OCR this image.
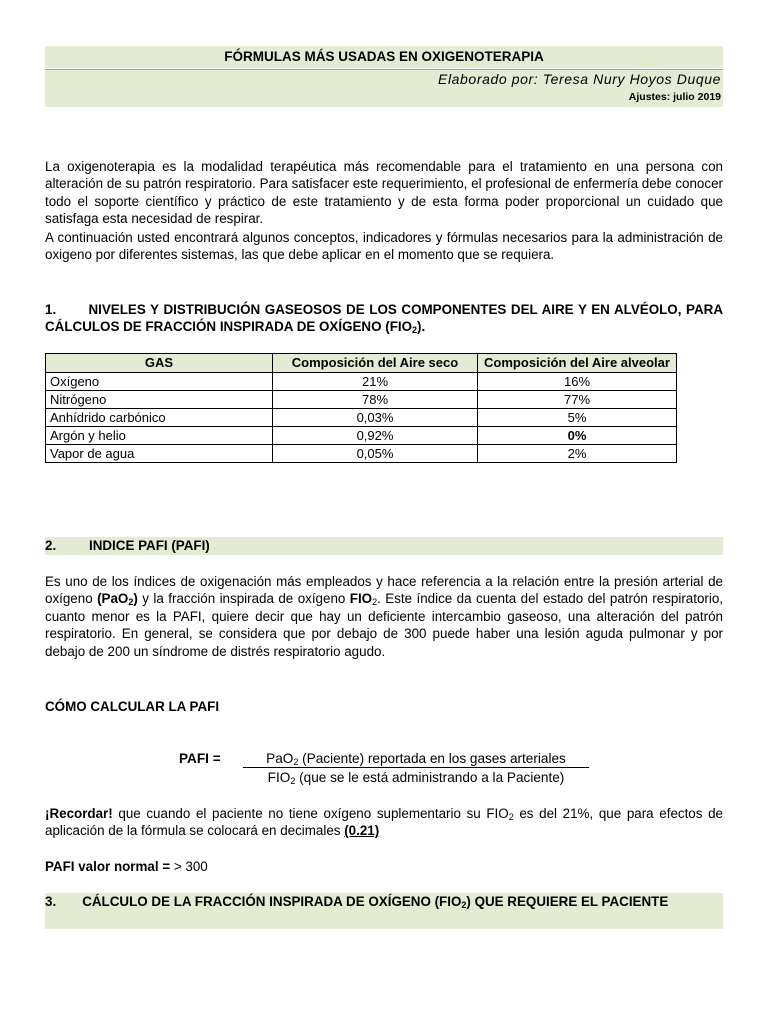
FÓRMULAS MÁS USADAS EN OXIGENOTERAPIA
Elaborado por: Teresa Nury Hoyos Duque
Ajustes: julio 2019
La oxigenoterapia es la modalidad terapéutica más recomendable para el tratamiento en una persona con alteración de su patrón respiratorio. Para satisfacer este requerimiento, el profesional de enfermería debe conocer todo el soporte científico y práctico de este tratamiento y de esta forma poder proporcional un cuidado que satisfaga esta necesidad de respirar.
A continuación usted encontrará algunos conceptos, indicadores y fórmulas necesarios para la administración de oxigeno por diferentes sistemas, las que debe aplicar en el momento que se requiera.
1. NIVELES Y DISTRIBUCIÓN GASEOSOS DE LOS COMPONENTES DEL AIRE Y EN ALVÉOLO, PARA CÁLCULOS DE FRACCIÓN INSPIRADA DE OXÍGENO $(FIO_2)$.
GAS	Composición del Aire seco	Composición del Aire alveolar
Oxígeno	21%	16%
Nitrógeno	78%	77%
Anhídrido carbónico	0,03%	5%
Argón y helio	0,92%	0%
Vapor de agua	0,05%	2%
2. INDICE PAFI (PAFI)
Es uno de los índices de oxigenación más empleados y hace referencia a la relación entre la presión arterial de oxígeno (PaO$_2$) y la fracción inspirada de oxígeno $FIO_2$. Este índice da cuenta del estado del patrón respiratorio, cuanto menor es la PAFI, quiere decir que hay un deficiente intercambio gaseoso, una alteración del patrón respiratorio. En general, se considera que por debajo de 300 puede haber una lesión aguda pulmonar y por debajo de 200 un síndrome de distrés respiratorio agudo.
CÓMO CALCULAR LA PAFI
PAFI =	PaO$_2$ (Paciente) reportada en los gases arteriales
$FIO_2$ (que se le está administrando a la Paciente)
¡Recordar! que cuando el paciente no tiene oxígeno suplementario su $FIO_2$ es del 21%, que para efectos de aplicación de la fórmula se colocará en decimales (0.21)
PAFI valor normal = > 300
3. CÁLCULO DE LA FRACCIÓN INSPIRADA DE OXÍGENO $(FIO_2)$ QUE REQUIERE EL PACIENTE
